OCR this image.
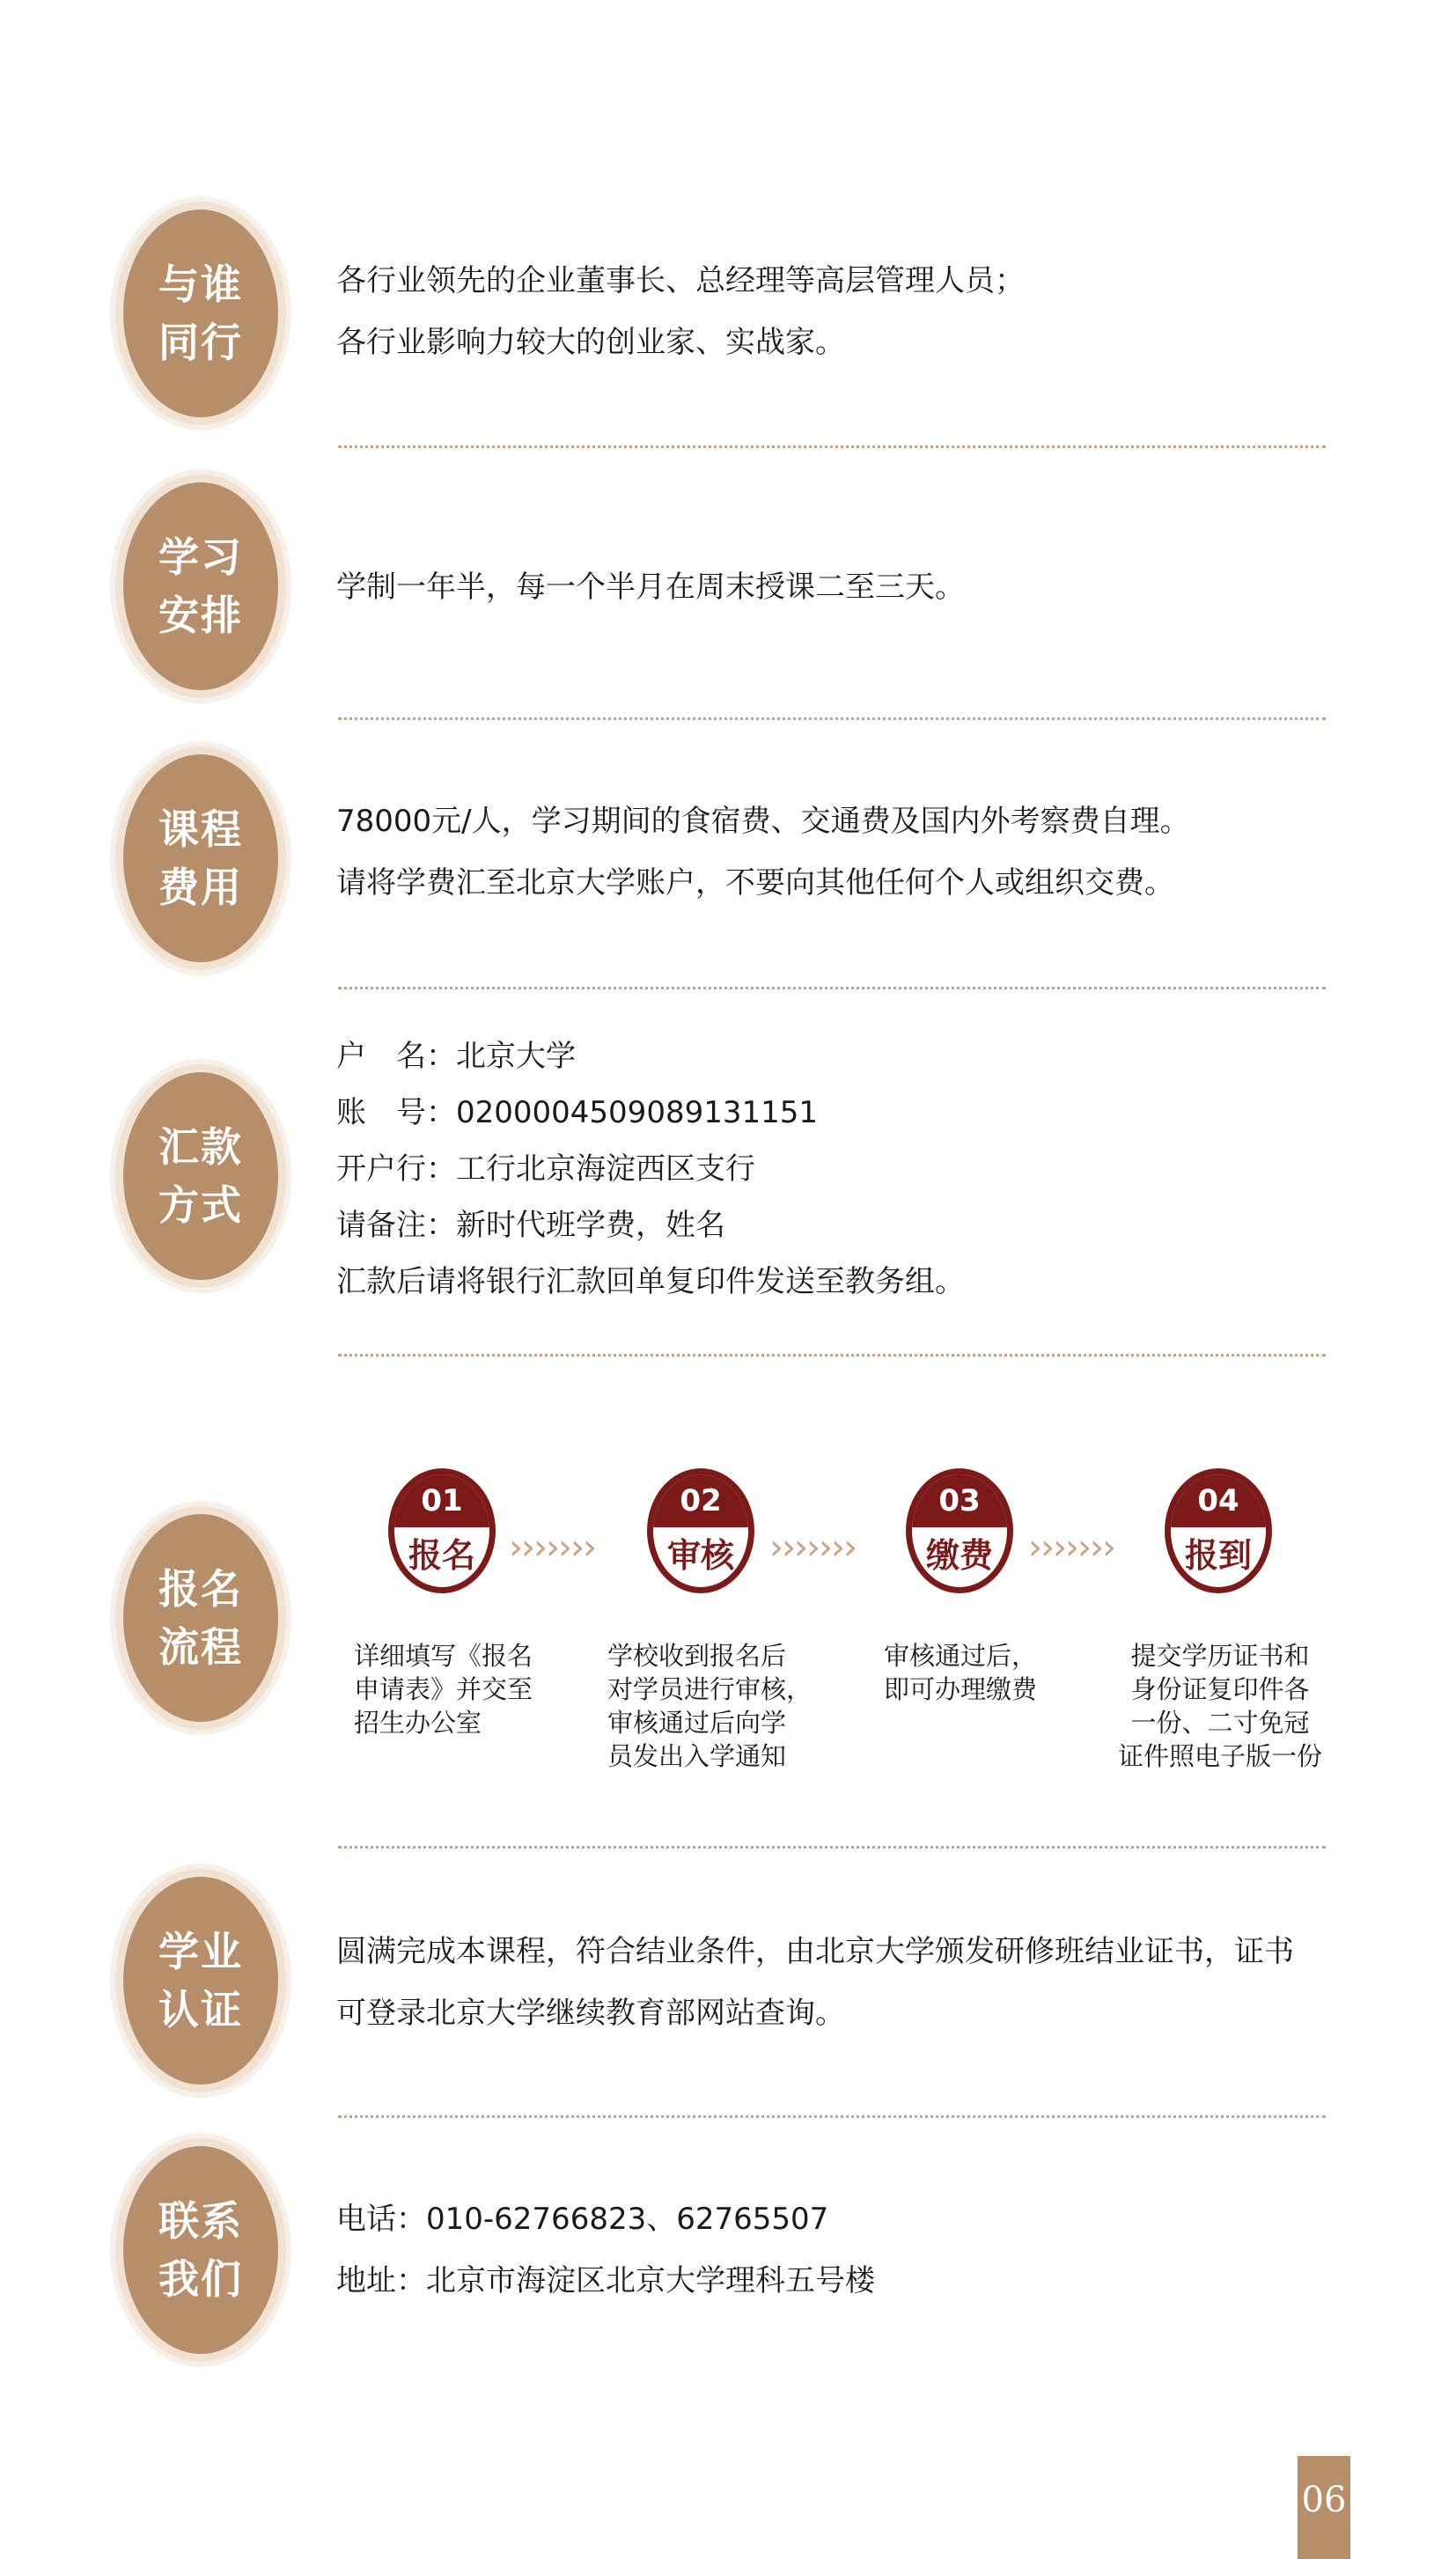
与谁
同行
各行业领先的企业董事长、总经理等高层管理人员；
各行业影响力较大的创业家、实战家。
学习
安排
学制一年半，每一个半月在周末授课二至三天。
课程
费用
78000元/人，学习期间的食宿费、交通费及国内外考察费自理。
请将学费汇至北京大学账户，不要向其他任何个人或组织交费。
汇款
方式
户　名：北京大学
账　号：0200004509089131151
开户行：工行北京海淀西区支行
请备注：新时代班学费，姓名
汇款后请将银行汇款回单复印件发送至教务组。
报名
流程
01
报名 ›››››››
02
审核	›››››››
03
缴费	›››››››
04
报到
详细填写《报名
申请表》并交至
招生办公室
学校收到报名后
对学员进行审核，
审核通过后向学
员发出入学通知
审核通过后，
即可办理缴费
提交学历证书和
身份证复印件各
一份、二寸免冠
证件照电子版一份
学业
认证
圆满完成本课程，符合结业条件，由北京大学颁发研修班结业证书，证书
可登录北京大学继续教育部网站查询。
联系
我们
电话：010-62766823、62765507
地址：北京市海淀区北京大学理科五号楼
06
